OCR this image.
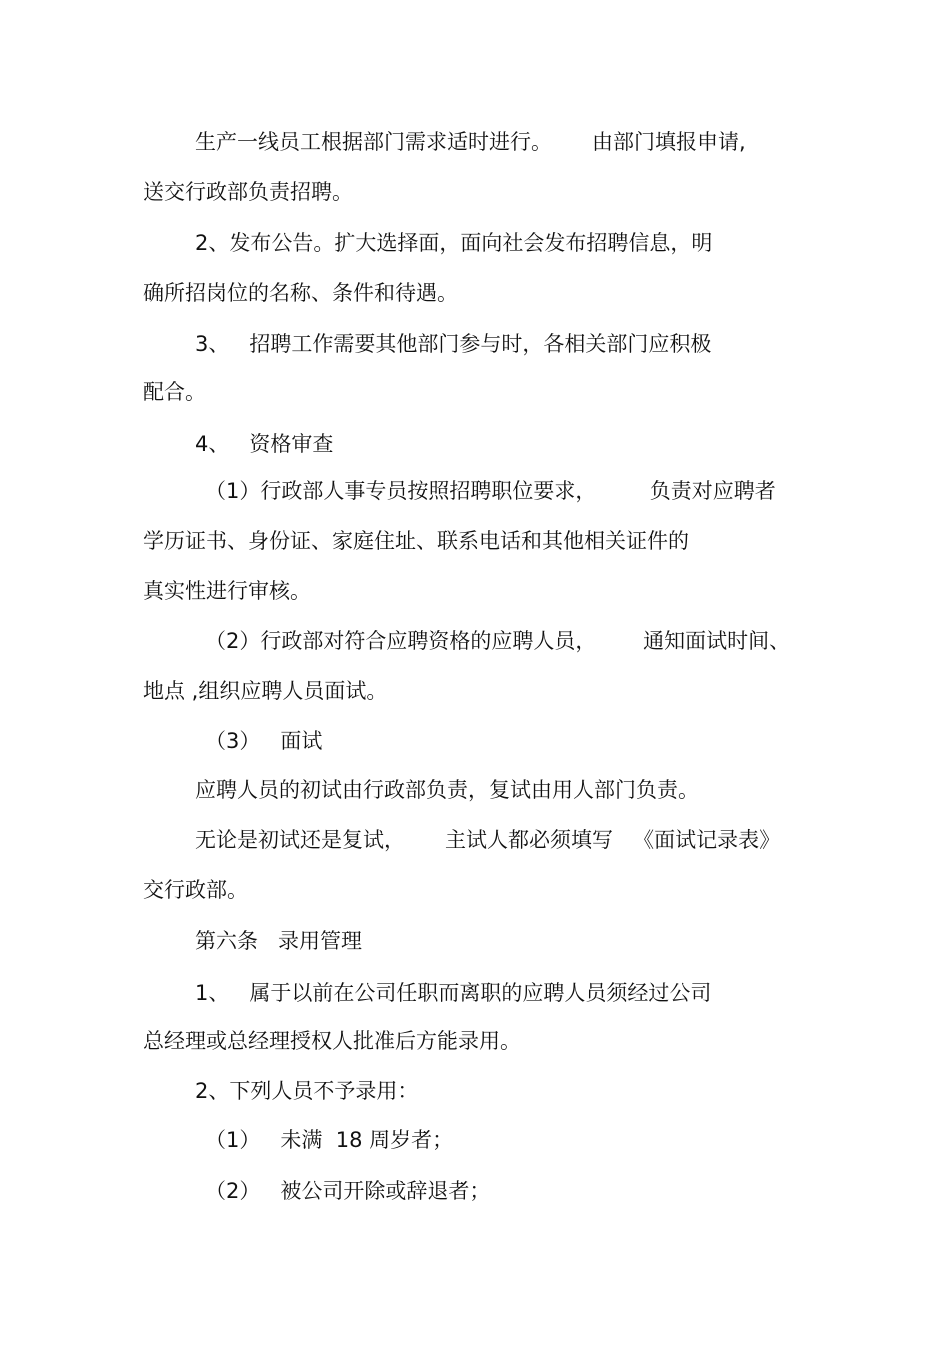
生产一线员工根据部门需求适时进行。      由部门填报申请,
送交行政部负责招聘。
2、发布公告。扩大选择面，面向社会发布招聘信息，明
确所招岗位的名称、条件和待遇。
3、   招聘工作需要其他部门参与时，各相关部门应积极
配合。
4、   资格审查
（1）行政部人事专员按照招聘职位要求，        负责对应聘者
学历证书、身份证、家庭住址、联系电话和其他相关证件的
真实性进行审核。
（2）行政部对符合应聘资格的应聘人员，       通知面试时间、
地点 ,组织应聘人员面试。
（3）   面试
应聘人员的初试由行政部负责，复试由用人部门负责。
无论是初试还是复试，      主试人都必须填写   《面试记录表》
交行政部。
第六条   录用管理
1、   属于以前在公司任职而离职的应聘人员须经过公司
总经理或总经理授权人批准后方能录用。
2、下列人员不予录用：
（1）   未满  18 周岁者；
（2）   被公司开除或辞退者；
